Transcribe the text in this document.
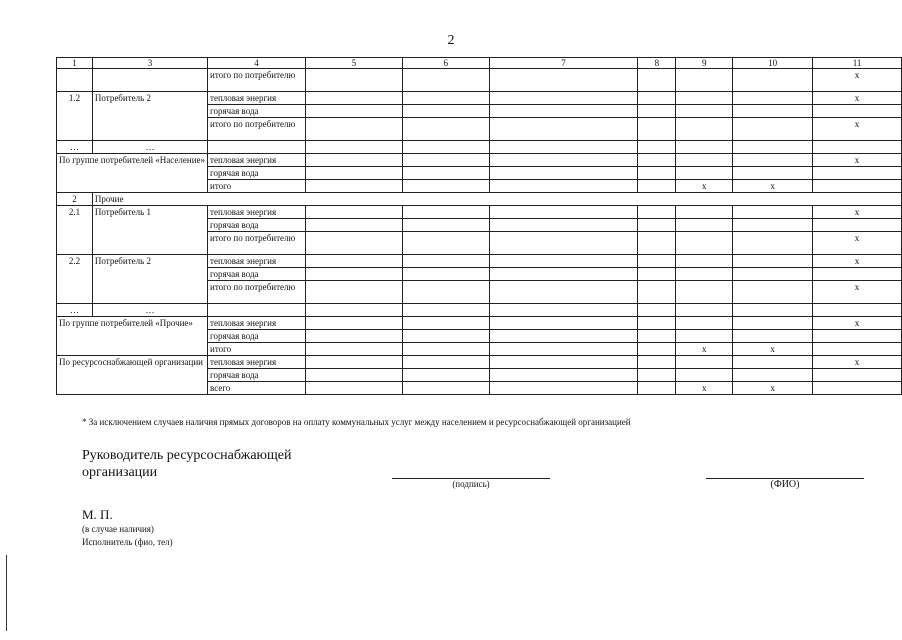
2
1	3	4	5	6	7	8	9	10	11
		итого по потребителю							x
1.2	Потребитель 2	тепловая энергия							x
		горячая вода							
		итого по потребителю							x
…	…								
По группе потребителей «Население»		тепловая энергия							x
		горячая вода							
		итого					x	x	
2	Прочие								
2.1	Потребитель 1	тепловая энергия							x
		горячая вода							
		итого по потребителю							x
2.2	Потребитель 2	тепловая энергия							x
		горячая вода							
		итого по потребителю							x
…	…								
По группе потребителей «Прочие»		тепловая энергия							x
		горячая вода							
		итого					x	x	
По ресурсоснабжающей организации		тепловая энергия							x
		горячая вода							
		всего					x	x	
* За исключением случаев наличия прямых договоров на оплату коммунальных услуг между населением и ресурсоснабжающей организацией
Руководитель ресурсоснабжающей организации
(подпись)	(ФИО)
М. П.
(в случае наличия)
Исполнитель (фио, тел)
